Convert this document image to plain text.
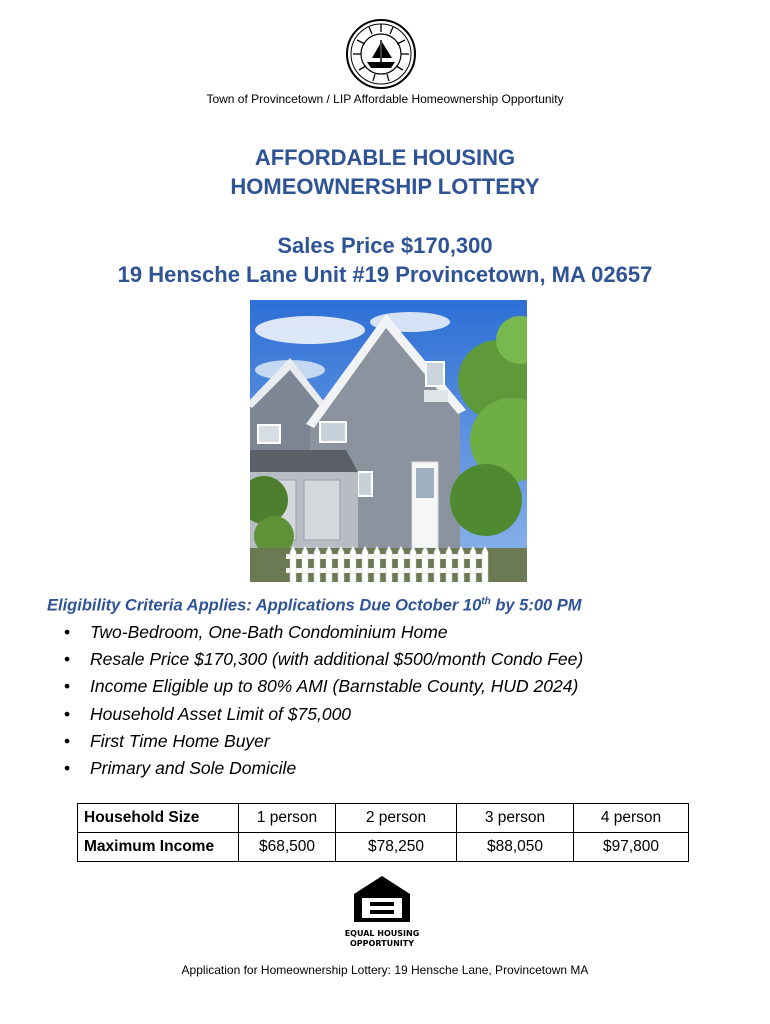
Town of Provincetown / LIP Affordable Homeownership Opportunity
AFFORDABLE HOUSING
HOMEOWNERSHIP LOTTERY
Sales Price $170,300
19 Hensche Lane Unit #19 Provincetown, MA 02657
Eligibility Criteria Applies: Applications Due October 10th by 5:00 PM
• Two-Bedroom, One-Bath Condominium Home
• Resale Price $170,300 (with additional $500/month Condo Fee)
• Income Eligible up to 80% AMI (Barnstable County, HUD 2024)
• Household Asset Limit of $75,000
• First Time Home Buyer
• Primary and Sole Domicile
Household Size	1 person	2 person	3 person	4 person
Maximum Income	$68,500	$78,250	$88,050	$97,800
EQUAL HOUSING
OPPORTUNITY
Application for Homeownership Lottery: 19 Hensche Lane, Provincetown MA
